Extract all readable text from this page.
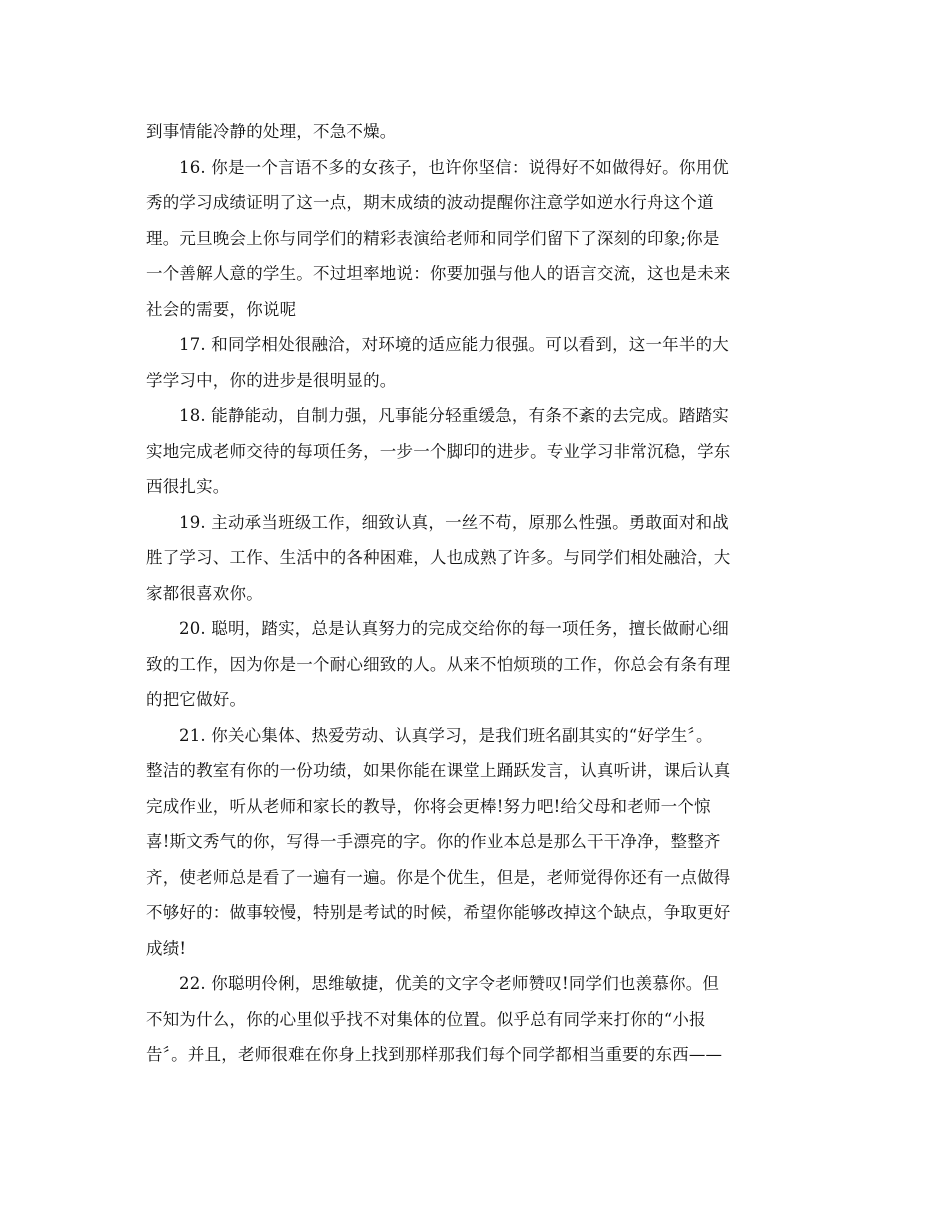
到事情能冷静的处理，不急不燥。
16. 你是一个言语不多的女孩子，也许你坚信：说得好不如做得好。你用优
秀的学习成绩证明了这一点，期末成绩的波动提醒你注意学如逆水行舟这个道
理。元旦晚会上你与同学们的精彩表演给老师和同学们留下了深刻的印象;你是
一个善解人意的学生。不过坦率地说：你要加强与他人的语言交流，这也是未来
社会的需要，你说呢
17. 和同学相处很融洽，对环境的适应能力很强。可以看到，这一年半的大
学学习中，你的进步是很明显的。
18. 能静能动，自制力强，凡事能分轻重缓急，有条不紊的去完成。踏踏实
实地完成老师交待的每项任务，一步一个脚印的进步。专业学习非常沉稳，学东
西很扎实。
19. 主动承当班级工作，细致认真，一丝不苟，原那么性强。勇敢面对和战
胜了学习、工作、生活中的各种困难，人也成熟了许多。与同学们相处融洽，大
家都很喜欢你。
20. 聪明，踏实，总是认真努力的完成交给你的每一项任务，擅长做耐心细
致的工作，因为你是一个耐心细致的人。从来不怕烦琐的工作，你总会有条有理
的把它做好。
21. 你关心集体、热爱劳动、认真学习，是我们班名副其实的“好学生〞。
整洁的教室有你的一份功绩，如果你能在课堂上踊跃发言，认真听讲，课后认真
完成作业，听从老师和家长的教导，你将会更棒!努力吧!给父母和老师一个惊
喜!斯文秀气的你，写得一手漂亮的字。你的作业本总是那么干干净净，整整齐
齐，使老师总是看了一遍有一遍。你是个优生，但是，老师觉得你还有一点做得
不够好的：做事较慢，特别是考试的时候，希望你能够改掉这个缺点，争取更好
成绩!
22. 你聪明伶俐，思维敏捷，优美的文字令老师赞叹!同学们也羡慕你。但
不知为什么，你的心里似乎找不对集体的位置。似乎总有同学来打你的“小报
告〞。并且，老师很难在你身上找到那样那我们每个同学都相当重要的东西——
